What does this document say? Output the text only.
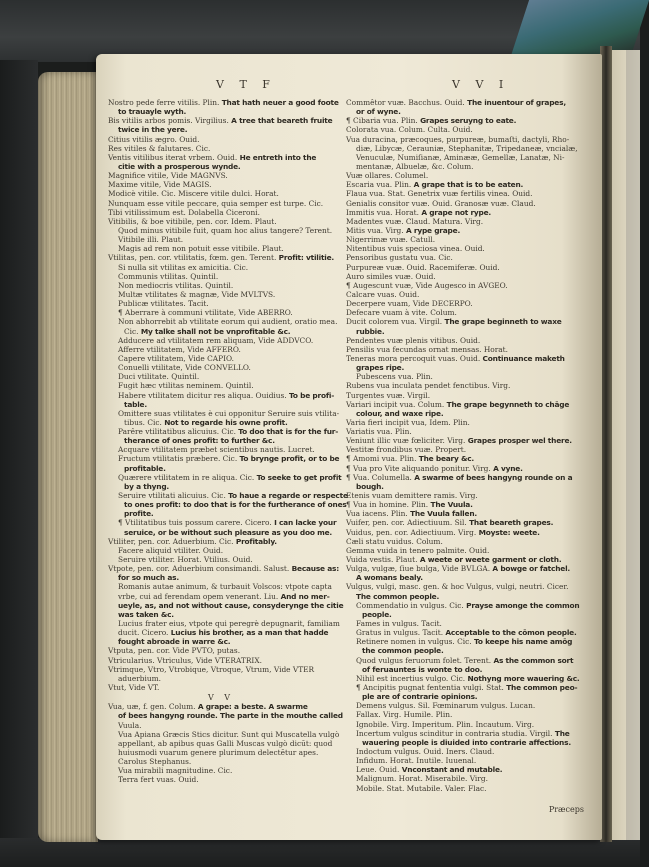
V T F	V V I
Nostro pede ferre vitilis. Plin. That hath neuer a good foote
to trauayle wyth.
Bis vitilis arbos pomis. Virgilius. A tree that beareth fruite
twice in the yere.
Citius vitilis ægro. Ouid.
Res vitiles & falutares. Cic.
Ventis vitilibus iterat vrbem. Ouid. He entreth into the
citie with a prosperous wynde.
Magnifice vitile, Vide MAGNVS.
Maxime vitile, Vide MAGIS.
Modicè vitile. Cic. Miscere vitile dulci. Horat.
Nunquam esse vitile peccare, quia semper est turpe. Cic.
Tibi vitilissimum est. Dolabella Ciceroni.
Vitibilis, & boe vitibile, pen. cor. Idem. Plaut.
Quod minus vitibile fuit, quam hoc alius tangere? Terent.
Vitibile illi. Plaut.
Magis ad rem non potuit esse vitibile. Plaut.
Vtilitas, pen. cor. vtilitatis, fœm. gen. Terent. Profit: vtilitie.
Si nulla sit vtilitas ex amicitia. Cic.
Communis vtilitas. Quintil.
Non mediocris vtilitas. Quintil.
Multæ vtilitates & magnæ, Vide MVLTVS.
Publicæ vtilitates. Tacit.
¶ Aberrare à communi vtilitate, Vide ABERRO.
Non abhorrebit ab vtilitate eorum qui audient, oratio mea.
Cic. My talke shall not be vnprofitable &c.
Adducere ad vtilitatem rem aliquam, Vide ADDVCO.
Afferre vtilitatem, Vide AFFERO.
Capere vtilitatem, Vide CAPIO.
Conuelli vtilitate, Vide CONVELLO.
Duci vtilitate. Quintil.
Fugit hæc vtilitas neminem. Quintil.
Habere vtilitatem dicitur res aliqua. Ouidius. To be profi-
table.
Omittere suas vtilitates è cui opponitur Seruire suis vtilita-
tibus. Cic. Not to regarde his owne profit.
Parêre vtilitatibus alicuius. Cic. To doo that is for the fur-
therance of ones profit: to further &c.
Acquare vtilitatem præbet scientibus nautis. Lucret.
Fructum vtilitatis præbere. Cic. To brynge profit, or to be
profitable.
Quærere vtilitatem in re aliqua. Cic. To seeke to get profit
by a thyng.
Seruire vtilitati alicuius. Cic. To haue a regarde or respecte
to ones profit: to doo that is for the furtherance of ones
profite.
¶ Vtilitatibus tuis possum carere. Cicero. I can lacke your
seruice, or be without such pleasure as you doo me.
Vtiliter, pen. cor. Aduerbium. Cic. Profitably.
Facere aliquid vtiliter. Ouid.
Seruire vtiliter. Horat. Vtilius. Ouid.
Vtpote, pen. cor. Aduerbium consimandi. Salust. Because as:
for so much as.
Romanis autae animum, & turbauit Volscos: vtpote capta
vrbe, cui ad ferendam opem venerant. Liu. And no mer-
ueyle, as, and not without cause, consyderynge the citie
was taken &c.
Lucius frater eius, vtpote qui peregrè depugnarit, familiam
ducit. Cicero. Lucius his brother, as a man that hadde
fought abroade in warre &c.
Vtputa, pen. cor. Vide PVTO, putas.
Vtricularius. Vtriculus, Vide VTERATRIX.
Vtrimque, Vtro, Vtrobique, Vtroque, Vtrum, Vide VTER
aduerbium.
Vtut, Vide VT.
V V
Vua, uæ, f. gen. Colum. A grape: a beste. A swarme
of bees hangyng rounde. The parte in the mouthe called
Vuula.
Vua Apiana Græcis Stics dicitur. Sunt qui Muscatella vulgò
appellant, ab apibus quas Galli Muscas vulgò dicūt: quod
huiusmodi vuarum genere plurimum delectētur apes.
Carolus Stephanus.
Vua mirabili magnitudine. Cic.
Terra fert vuas. Ouid.
Commêtor vuæ. Bacchus. Ouid. The inuentour of grapes,
or of wyne.
¶ Cibaria vua. Plin. Grapes seruyng to eate.
Colorata vua. Colum. Culta. Ouid.
Vua duracina, præcoques, purpureæ, bumaſti, dactyli, Rho-
diæ, Libycæ, Cerauniæ, Stephanitæ, Tripedaneæ, vncialæ,
Venuculæ, Numiſianæ, Aminææ, Gemellæ, Lanatæ, Ni-
mentanæ, Albuelæ, &c. Colum.
Vuæ ollares. Columel.
Escaria vua. Plin. A grape that is to be eaten.
Flaua vua. Stat. Genetrix vuæ fertilis vinea. Ouid.
Genialis consitor vuæ. Ouid. Granosæ vuæ. Claud.
Immitis vua. Horat. A grape not rype.
Madentes vuæ. Claud. Matura. Virg.
Mitis vua. Virg. A rype grape.
Nigerrimæ vuæ. Catull.
Nitentibus vuis speciosa vinea. Ouid.
Pensoribus gustatu vua. Cic.
Purpureæ vuæ. Ouid. Racemiferæ. Ouid.
Auro similes vuæ. Ouid.
¶ Augescunt vuæ, Vide Augesco in AVGEO.
Calcare vuas. Ouid.
Decerpere vuam, Vide DECERPO.
Defecare vuam à vite. Colum.
Ducit colorem vua. Virgil. The grape beginneth to waxe
rubbie.
Pendentes vuæ plenis vitibus. Ouid.
Pensilis vua fecundas ornat mensas. Horat.
Teneras mora percoquit vuas. Ouid. Continuance maketh
grapes ripe.
Pubescens vua. Plin.
Rubens vua inculata pendet fenctibus. Virg.
Turgentes vuæ. Virgil.
Variari incipit vua. Colum. The grape begynneth to chāge
colour, and waxe ripe.
Varia fieri incipit vua, Idem. Plin.
Variatis vua. Plin.
Veniunt illic vuæ fœliciter. Virg. Grapes prosper wel there.
Vestitæ frondibus vuæ. Propert.
¶ Amomi vua. Plin. The beary &c.
¶ Vua pro Vite aliquando ponitur. Virg. A vyne.
¶ Vua. Columella. A swarme of bees hangyng rounde on a
bough.
Etenis vuam demittere ramis. Virg.
¶ Vua in homine. Plin. The Vuula.
Vua iacens. Plin. The Vuula fallen.
Vuifer, pen. cor. Adiectiuum. Sil. That beareth grapes.
Vuidus, pen. cor. Adiectiuum. Virg. Moyste: weete.
Cæli statu vuidus. Colum.
Gemma vuida in tenero palmite. Ouid.
Vuida vestis. Plaut. A weete or weete garment or cloth.
Vulga, vulgæ, ſiue bulga, Vide BVLGA. A bowge or fatchel.
A womans bealy.
Vulgus, vulgi, masc. gen. & hoc Vulgus, vulgi, neutri. Cicer.
The common people.
Commendatio in vulgus. Cic. Prayse amonge the common
people.
Fames in vulgus. Tacit.
Gratus in vulgus. Tacit. Acceptable to the cōmon people.
Retinere nomen in vulgus. Cic. To keepe his name amōg
the common people.
Quod vulgus feruorum folet. Terent. As the common sort
of feruauntes is wonte to doo.
Nihil est incertius vulgo. Cic. Nothyng more wauering &c.
¶ Ancipitis pugnat fententia vulgi. Stat. The common peo-
ple are of contrarie opinions.
Demens vulgus. Sil. Fœminarum vulgus. Lucan.
Fallax. Virg. Humile. Plin.
Ignobile. Virg. Imperitum. Plin. Incautum. Virg.
Incertum vulgus scinditur in contraria studia. Virgil. The
wauering people is diuided into contrarie affections.
Indoctum vulgus. Ouid. Iners. Claud.
Infidum. Horat. Inutile. Iuuenal.
Leue. Ouid. Vnconstant and mutable.
Malignum. Horat. Miserabile. Virg.
Mobile. Stat. Mutabile. Valer. Flac.
Præceps
